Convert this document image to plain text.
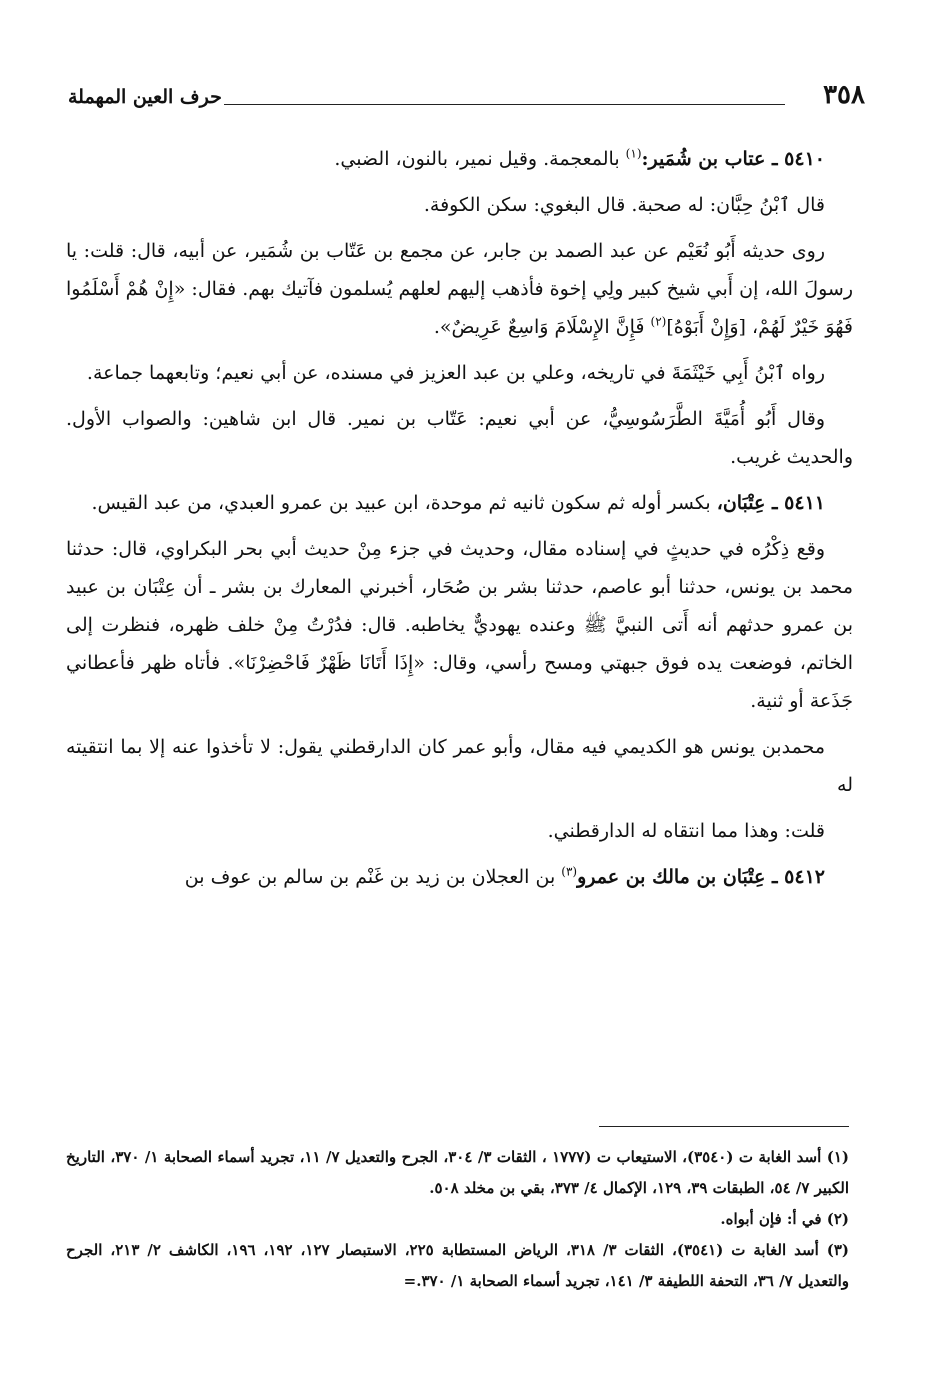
حرف العين المهملة	٣٥٨

٥٤١٠ ـ عتاب بن شُمَير:$^{(١)}$ بالمعجمة. وقيل نمير، بالنون، الضبي.

قال ٱبْنُ حِبَّان: له صحبة. قال البغوي: سكن الكوفة.

روى حديثه أَبُو نُعَيْم عن عبد الصمد بن جابر، عن مجمع بن عَتّاب بن شُمَير، عن أبيه، قال: قلت: يا رسولَ الله، إن أَبي شيخ كبير ولِي إخوة فأذهب إليهم لعلهم يُسلمون فآتيك بهم. فقال: «إِنْ هُمْ أَسْلَمُوا فَهُوَ خَيْرٌ لَهُمْ، [وَإِنْ أَبَوْهُ]$^{(٢)}$ فَإِنَّ الإِسْلَامَ وَاسِعٌ عَرِيضٌ».

رواه ٱبْنُ أَبِي خَيْثَمَةَ في تاريخه، وعلي بن عبد العزيز في مسنده، عن أبي نعيم؛ وتابعهما جماعة.

وقال أَبُو أُمَيَّةَ الطَّرَسُوسِيُّ، عن أبي نعيم: عَتّاب بن نمير. قال ابن شاهين: والصواب الأول. والحديث غريب.

٥٤١١ ـ عِتْبَان، بكسر أوله ثم سكون ثانيه ثم موحدة، ابن عبيد بن عمرو العبدي، من عبد القيس.

وقع ذِكْرُه في حديثٍ في إسناده مقال، وحديث في جزء مِنْ حديث أبي بحر البكراوي، قال: حدثنا محمد بن يونس، حدثنا أبو عاصم، حدثنا بشر بن صُحَار، أخبرني المعارك بن بشر ـ أن عِتْبَان بن عبيد بن عمرو حدثهم أنه أَتى النبيَّ ﷺ وعنده يهوديٌّ يخاطبه. قال: فدُرْتُ مِنْ خلف ظهره، فنظرت إلى الخاتم، فوضعت يده فوق جبهتي ومسح رأسي، وقال: «إِذَا أَتَانَا ظَهْرٌ فَاحْضِرْنَا». فأتاه ظهر فأعطاني جَذَعة أو ثنية.

محمدبن يونس هو الكديمي فيه مقال، وأبو عمر كان الدارقطني يقول: لا تأخذوا عنه إلا بما انتقيته له

قلت: وهذا مما انتقاه له الدارقطني.

٥٤١٢ ـ عِتْبَان بن مالك بن عمرو$^{(٣)}$ بن العجلان بن زيد بن غَنْم بن سالم بن عوف بن

(١) أسد الغابة ت (٣٥٤٠)، الاستيعاب ت (١٧٧٧ ، الثقات ٣/ ٣٠٤، الجرح والتعديل ٧/ ١١، تجريد أسماء الصحابة ١/ ٣٧٠، التاريخ الكبير ٧/ ٥٤، الطبقات ٣٩، ١٢٩، الإكمال ٤/ ٣٧٣، بقي بن مخلد ٥٠٨.

(٢) في أ: فإن أبواه.

(٣) أسد الغابة ت (٣٥٤١)، الثقات ٣/ ٣١٨، الرياض المستطابة ٢٢٥، الاستبصار ١٢٧، ١٩٢، ١٩٦، الكاشف ٢/ ٢١٣، الجرح والتعديل ٧/ ٣٦، التحفة اللطيفة ٣/ ١٤١، تجريد أسماء الصحابة ١/ ٣٧٠.=
